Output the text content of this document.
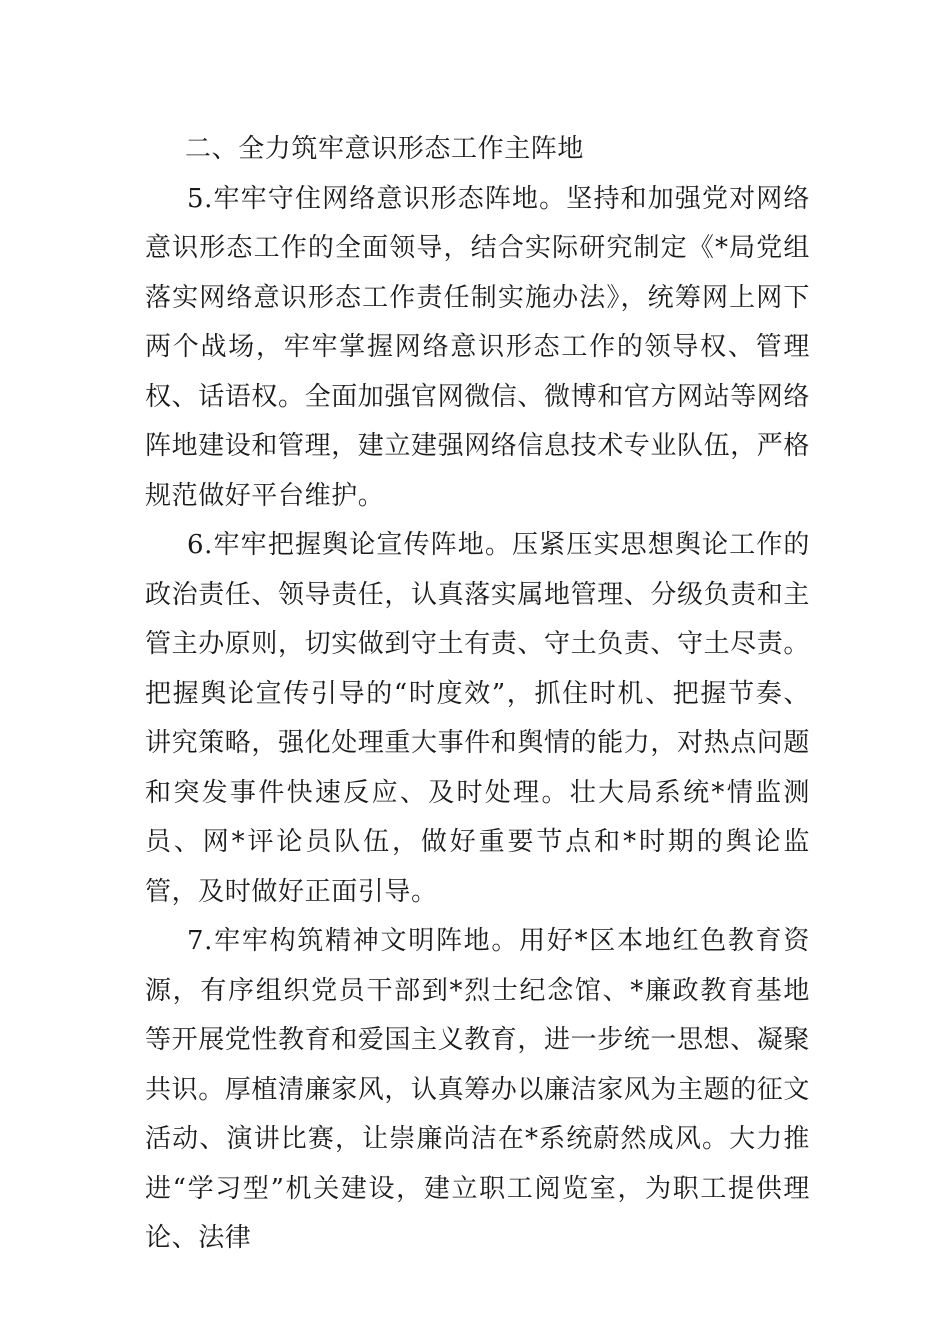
二、全力筑牢意识形态工作主阵地

5.牢牢守住网络意识形态阵地。坚持和加强党对网络意识形态工作的全面领导，结合实际研究制定《*局党组落实网络意识形态工作责任制实施办法》，统筹网上网下两个战场，牢牢掌握网络意识形态工作的领导权、管理权、话语权。全面加强官网微信、微博和官方网站等网络阵地建设和管理，建立建强网络信息技术专业队伍，严格规范做好平台维护。

6.牢牢把握舆论宣传阵地。压紧压实思想舆论工作的政治责任、领导责任，认真落实属地管理、分级负责和主管主办原则，切实做到守土有责、守土负责、守土尽责。把握舆论宣传引导的“时度效”，抓住时机、把握节奏、讲究策略，强化处理重大事件和舆情的能力，对热点问题和突发事件快速反应、及时处理。壮大局系统*情监测员、网*评论员队伍，做好重要节点和*时期的舆论监管，及时做好正面引导。

7.牢牢构筑精神文明阵地。用好*区本地红色教育资源，有序组织党员干部到*烈士纪念馆、*廉政教育基地等开展党性教育和爱国主义教育，进一步统一思想、凝聚共识。厚植清廉家风，认真筹办以廉洁家风为主题的征文活动、演讲比赛，让崇廉尚洁在*系统蔚然成风。大力推进“学习型”机关建设，建立职工阅览室，为职工提供理论、法律
